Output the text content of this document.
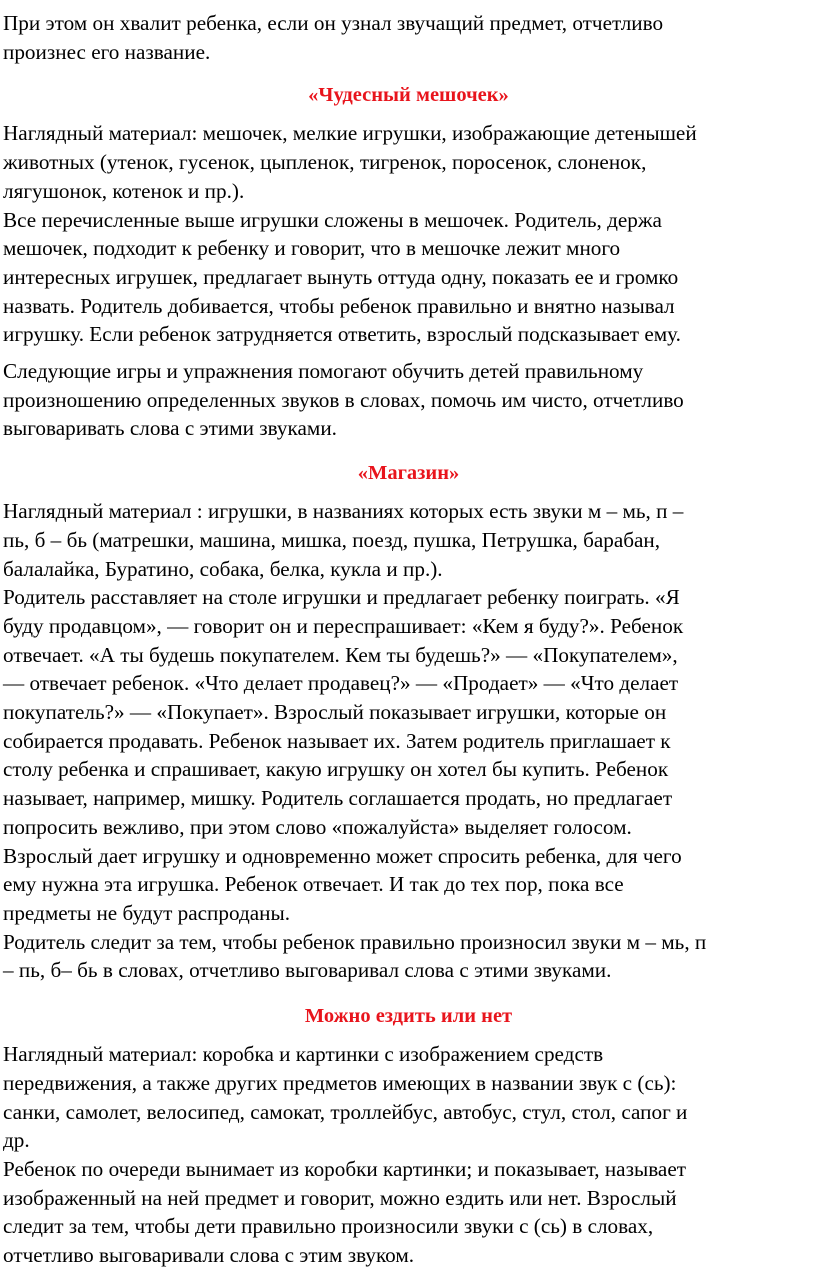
При этом он хвалит ребенка, если он узнал звучащий предмет, отчетливо
произнес его название.

«Чудесный мешочек»

Наглядный материал: мешочек, мелкие игрушки, изображающие детенышей
животных (утенок, гусенок, цыпленок, тигренок, поросенок, слоненок,
лягушонок, котенок и пр.).
Все перечисленные выше игрушки сложены в мешочек. Родитель, держа
мешочек, подходит к ребенку и говорит, что в мешочке лежит много
интересных игрушек, предлагает вынуть оттуда одну, показать ее и громко
назвать. Родитель добивается, чтобы ребенок правильно и внятно называл
игрушку. Если ребенок затрудняется ответить, взрослый подсказывает ему.

Следующие игры и упражнения помогают обучить детей правильному
произношению определенных звуков в словах, помочь им чисто, отчетливо
выговаривать слова с этими звуками.

«Магазин»

Наглядный материал : игрушки, в названиях которых есть звуки м – мь, п –
пь, б – бь (матрешки, машина, мишка, поезд, пушка, Петрушка, барабан,
балалайка, Буратино, собака, белка, кукла и пр.).
Родитель расставляет на столе игрушки и предлагает ребенку поиграть. «Я
буду продавцом», — говорит он и переспрашивает: «Кем я буду?». Ребенок
отвечает. «А ты будешь покупателем. Кем ты будешь?» — «Покупателем»,
— отвечает ребенок. «Что делает продавец?» — «Продает» — «Что делает
покупатель?» — «Покупает». Взрослый показывает игрушки, которые он
собирается продавать. Ребенок называет их. Затем родитель приглашает к
столу ребенка и спрашивает, какую игрушку он хотел бы купить. Ребенок
называет, например, мишку. Родитель соглашается продать, но предлагает
попросить вежливо, при этом слово «пожалуйста» выделяет голосом.
Взрослый дает игрушку и одновременно может спросить ребенка, для чего
ему нужна эта игрушка. Ребенок отвечает. И так до тех пор, пока все
предметы не будут распроданы.
Родитель следит за тем, чтобы ребенок правильно произносил звуки м – мь, п
– пь, б– бь в словах, отчетливо выговаривал слова с этими звуками.

Можно ездить или нет

Наглядный материал: коробка и картинки с изображением средств
передвижения, а также других предметов имеющих в названии звук с (сь):
санки, самолет, велосипед, самокат, троллейбус, автобус, стул, стол, сапог и
др.
Ребенок по очереди вынимает из коробки картинки; и показывает, называет
изображенный на ней предмет и говорит, можно ездить или нет. Взрослый
следит за тем, чтобы дети правильно произносили звуки с (сь) в словах,
отчетливо выговаривали слова с этим звуком.
